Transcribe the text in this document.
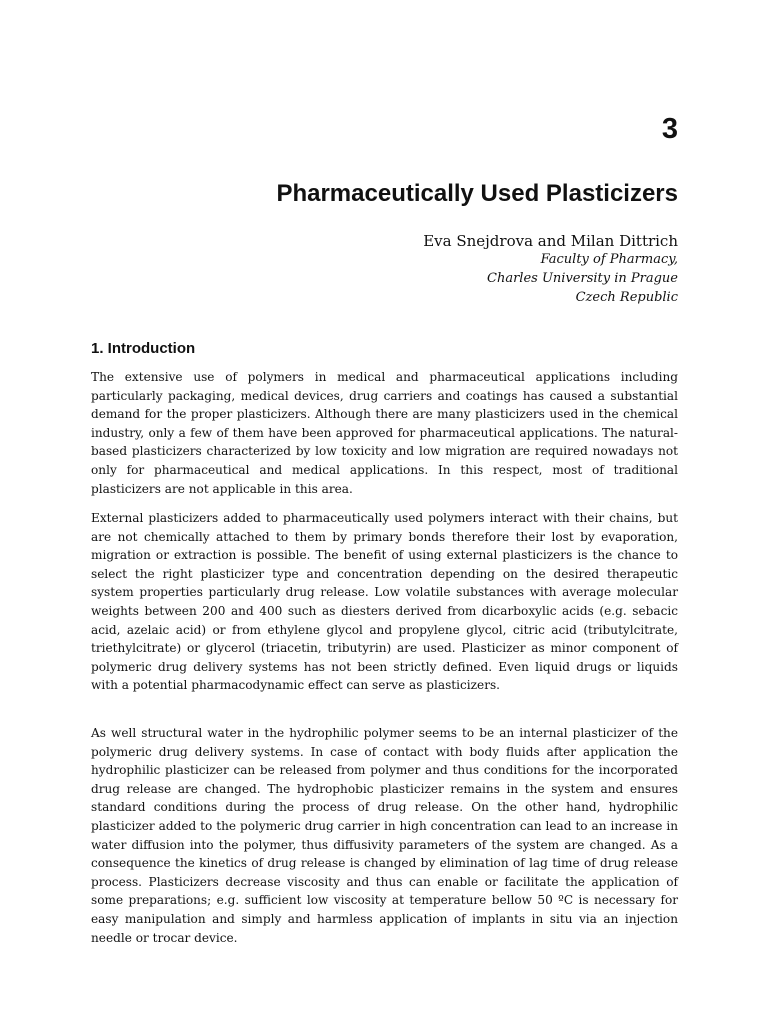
3
Pharmaceutically Used Plasticizers
Eva Snejdrova and Milan Dittrich
Faculty of Pharmacy,
Charles University in Prague
Czech Republic
1. Introduction

The extensive use of polymers in medical and pharmaceutical applications including particularly packaging, medical devices, drug carriers and coatings has caused a substantial demand for the proper plasticizers. Although there are many plasticizers used in the chemical industry, only a few of them have been approved for pharmaceutical applications. The natural-based plasticizers characterized by low toxicity and low migration are required nowadays not only for pharmaceutical and medical applications. In this respect, most of traditional plasticizers are not applicable in this area.

External plasticizers added to pharmaceutically used polymers interact with their chains, but are not chemically attached to them by primary bonds therefore their lost by evaporation, migration or extraction is possible. The benefit of using external plasticizers is the chance to select the right plasticizer type and concentration depending on the desired therapeutic system properties particularly drug release. Low volatile substances with average molecular weights between 200 and 400 such as diesters derived from dicarboxylic acids (e.g. sebacic acid, azelaic acid) or from ethylene glycol and propylene glycol, citric acid (tributylcitrate, triethylcitrate) or glycerol (triacetin, tributyrin) are used. Plasticizer as minor component of polymeric drug delivery systems has not been strictly defined. Even liquid drugs or liquids with a potential pharmacodynamic effect can serve as plasticizers.

As well structural water in the hydrophilic polymer seems to be an internal plasticizer of the polymeric drug delivery systems. In case of contact with body fluids after application the hydrophilic plasticizer can be released from polymer and thus conditions for the incorporated drug release are changed. The hydrophobic plasticizer remains in the system and ensures standard conditions during the process of drug release. On the other hand, hydrophilic plasticizer added to the polymeric drug carrier in high concentration can lead to an increase in water diffusion into the polymer, thus diffusivity parameters of the system are changed. As a consequence the kinetics of drug release is changed by elimination of lag time of drug release process. Plasticizers decrease viscosity and thus can enable or facilitate the application of some preparations; e.g. sufficient low viscosity at temperature bellow 50 ºC is necessary for easy manipulation and simply and harmless application of implants in situ via an injection needle or trocar device.
